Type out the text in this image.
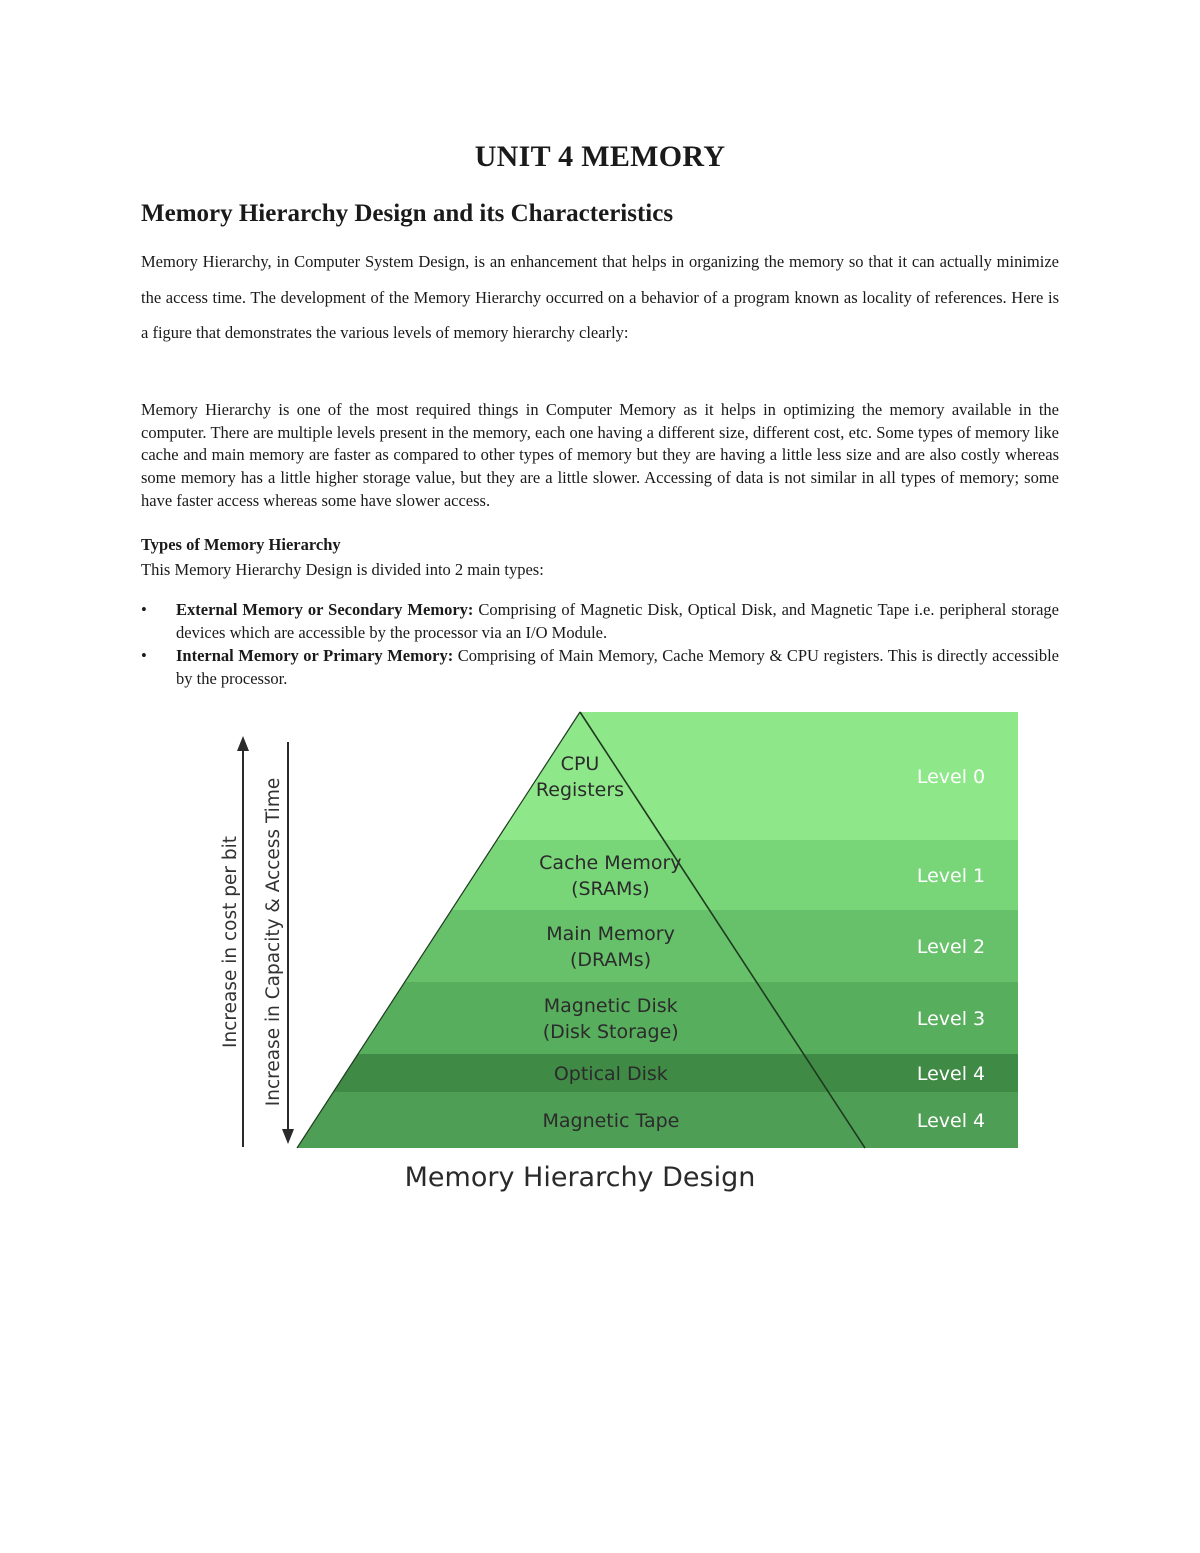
UNIT 4 MEMORY
Memory Hierarchy Design and its Characteristics

Memory Hierarchy, in Computer System Design, is an enhancement that helps in organizing the memory so that it can actually minimize the access time. The development of the Memory Hierarchy occurred on a behavior of a program known as locality of references. Here is a figure that demonstrates the various levels of memory hierarchy clearly:

Memory Hierarchy is one of the most required things in Computer Memory as it helps in optimizing the memory available in the computer. There are multiple levels present in the memory, each one having a different size, different cost, etc. Some types of memory like cache and main memory are faster as compared to other types of memory but they are having a little less size and are also costly whereas some memory has a little higher storage value, but they are a little slower. Accessing of data is not similar in all types of memory; some have faster access whereas some have slower access.

Types of Memory Hierarchy

This Memory Hierarchy Design is divided into 2 main types:

• External Memory or Secondary Memory: Comprising of Magnetic Disk, Optical Disk, and Magnetic Tape i.e. peripheral storage devices which are accessible by the processor via an I/O Module.
• Internal Memory or Primary Memory: Comprising of Main Memory, Cache Memory & CPU registers. This is directly accessible by the processor.
CPU
Registers
Level 0
Cache Memory
(SRAMs)
Level 1
Main Memory
(DRAMs)
Level 2
Magnetic Disk
(Disk Storage)
Level 3
Optical Disk	Level 4
Magnetic Tape	Level 4
Increase in cost per bit Increase in Capacity & Access Time
Memory Hierarchy Design
